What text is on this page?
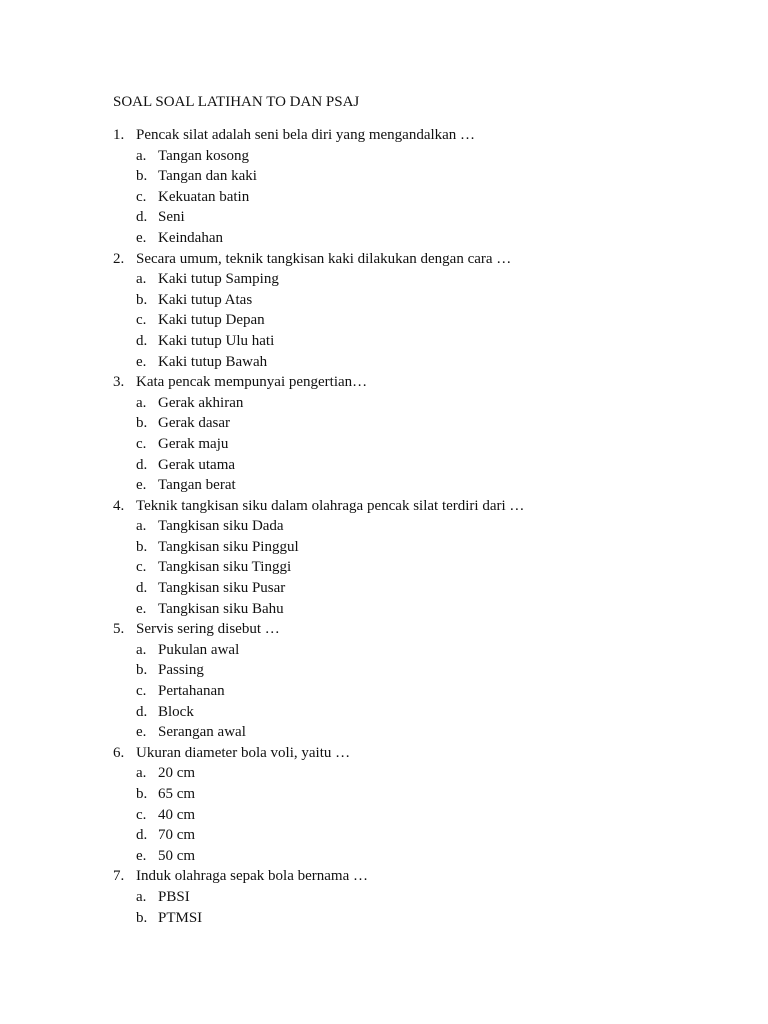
SOAL SOAL LATIHAN TO DAN PSAJ
1. Pencak silat adalah seni bela diri yang mengandalkan …
a. Tangan kosong
b. Tangan dan kaki
c. Kekuatan batin
d. Seni
e. Keindahan
2. Secara umum, teknik tangkisan kaki dilakukan dengan cara …
a. Kaki tutup Samping
b. Kaki tutup Atas
c. Kaki tutup Depan
d. Kaki tutup Ulu hati
e. Kaki tutup Bawah
3. Kata pencak mempunyai pengertian…
a. Gerak akhiran
b. Gerak dasar
c. Gerak maju
d. Gerak utama
e. Tangan berat
4. Teknik tangkisan siku dalam olahraga pencak silat terdiri dari …
a. Tangkisan siku Dada
b. Tangkisan siku Pinggul
c. Tangkisan siku Tinggi
d. Tangkisan siku Pusar
e. Tangkisan siku Bahu
5. Servis sering disebut …
a. Pukulan awal
b. Passing
c. Pertahanan
d. Block
e. Serangan awal
6. Ukuran diameter bola voli, yaitu …
a. 20 cm
b. 65 cm
c. 40 cm
d. 70 cm
e. 50 cm
7. Induk olahraga sepak bola bernama …
a. PBSI
b. PTMSI
